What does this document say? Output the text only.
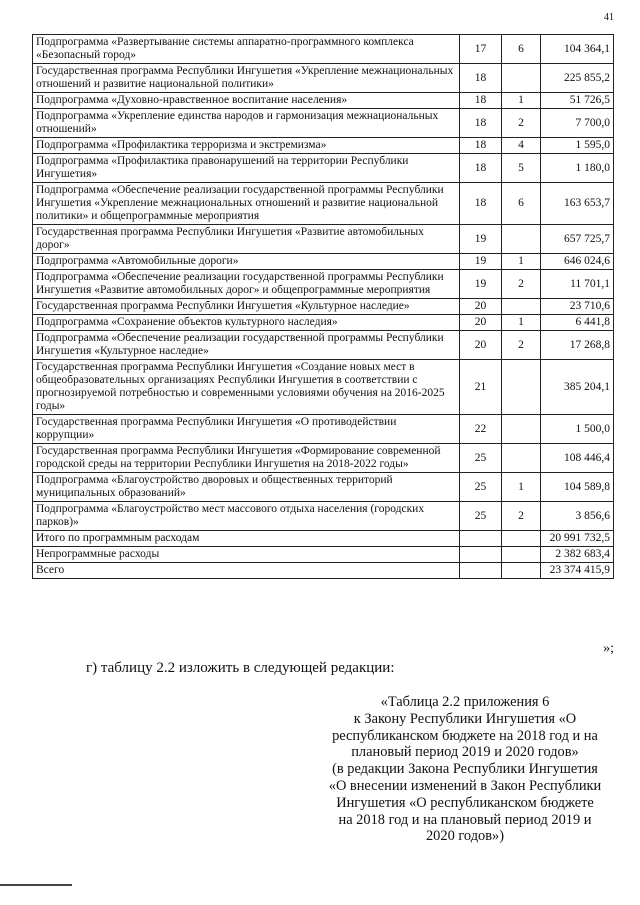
41
Подпрограмма «Развертывание системы аппаратно-программного комплекса «Безопасный город»	17	6	104 364,1
Государственная программа Республики Ингушетия «Укрепление межнациональных отношений и развитие национальной политики»	18		225 855,2
Подпрограмма «Духовно-нравственное воспитание населения»	18	1	51 726,5
Подпрограмма «Укрепление единства народов и гармонизация межнациональных отношений»	18	2	7 700,0
Подпрограмма «Профилактика терроризма и экстремизма»	18	4	1 595,0
Подпрограмма «Профилактика правонарушений на территории Республики Ингушетия»	18	5	1 180,0
Подпрограмма «Обеспечение реализации государственной программы Республики Ингушетия «Укрепление межнациональных отношений и развитие национальной политики» и общепрограммные мероприятия	18	6	163 653,7
Государственная программа Республики Ингушетия «Развитие автомобильных дорог»	19		657 725,7
Подпрограмма «Автомобильные дороги»	19	1	646 024,6
Подпрограмма «Обеспечение реализации государственной программы Республики Ингушетия «Развитие автомобильных дорог» и общепрограммные мероприятия	19	2	11 701,1
Государственная программа Республики Ингушетия «Культурное наследие»	20		23 710,6
Подпрограмма «Сохранение объектов культурного наследия»	20	1	6 441,8
Подпрограмма «Обеспечение реализации государственной программы Республики Ингушетия «Культурное наследие»	20	2	17 268,8
Государственная программа Республики Ингушетия «Создание новых мест в общеобразовательных организациях Республики Ингушетия в соответствии с прогнозируемой потребностью и современными условиями обучения на 2016-2025 годы»	21		385 204,1
Государственная программа Республики Ингушетия «О противодействии коррупции»	22		1 500,0
Государственная программа Республики Ингушетия «Формирование современной городской среды на территории Республики Ингушетия на 2018-2022 годы»	25		108 446,4
Подпрограмма «Благоустройство дворовых и общественных территорий муниципальных образований»	25	1	104 589,8
Подпрограмма «Благоустройство мест массового отдыха населения (городских парков)»	25	2	3 856,6
Итого по программным расходам			20 991 732,5
Непрограммные расходы			2 382 683,4
Всего			23 374 415,9
»;
г) таблицу 2.2 изложить в следующей редакции:
«Таблица 2.2 приложения 6
к Закону Республики Ингушетия «О
республиканском бюджете на 2018 год и на
плановый период 2019 и 2020 годов»
(в редакции Закона Республики Ингушетия
«О внесении изменений в Закон Республики
Ингушетия «О республиканском бюджете
на 2018 год и на плановый период 2019 и
2020 годов»)
